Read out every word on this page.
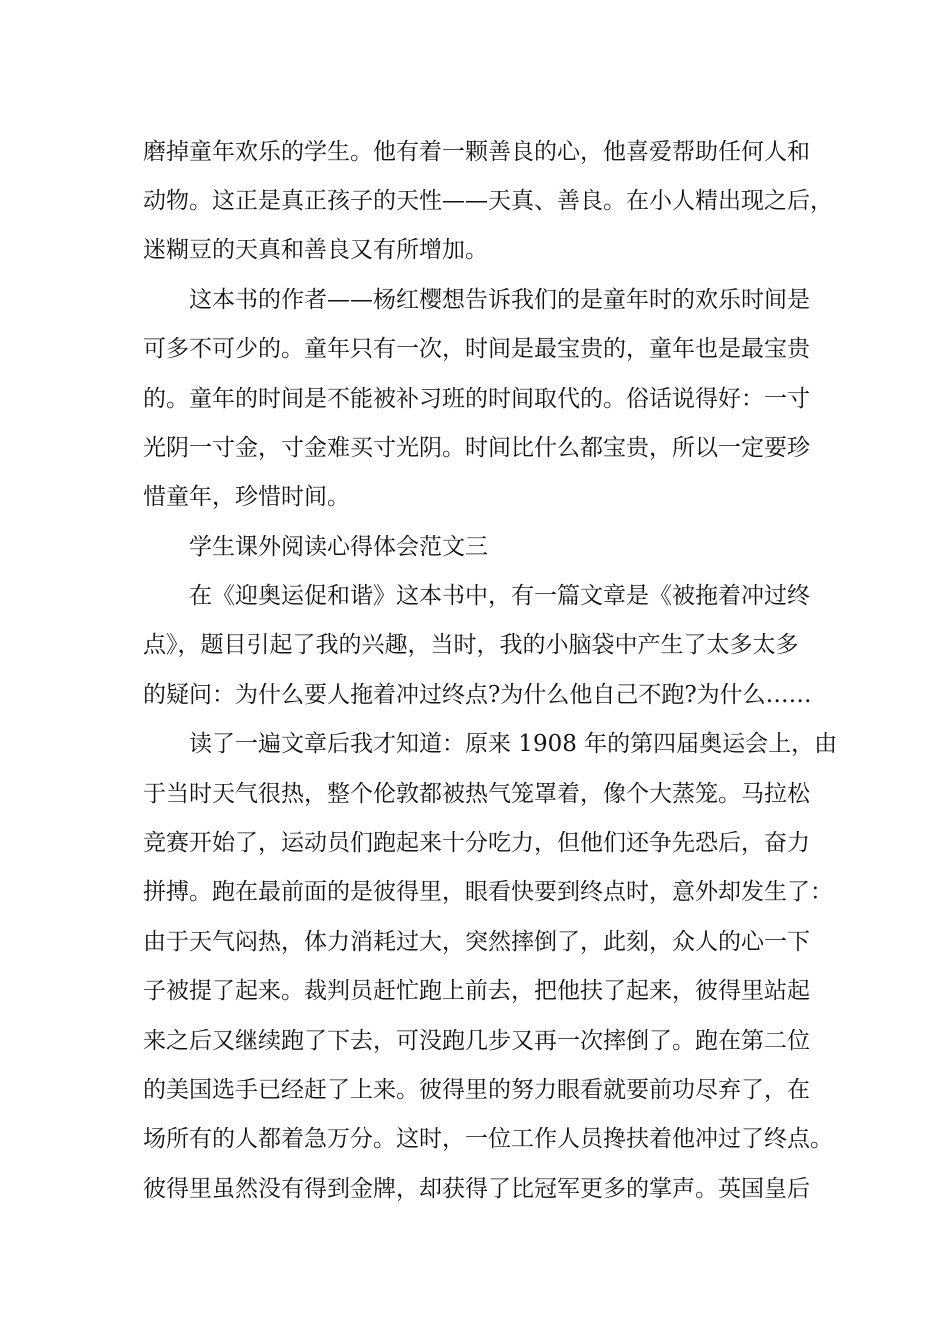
磨掉童年欢乐的学生。他有着一颗善良的心，他喜爱帮助任何人和
动物。这正是真正孩子的天性——天真、善良。在小人精出现之后，
迷糊豆的天真和善良又有所增加。
这本书的作者——杨红樱想告诉我们的是童年时的欢乐时间是
可多不可少的。童年只有一次，时间是最宝贵的，童年也是最宝贵
的。童年的时间是不能被补习班的时间取代的。俗话说得好：一寸
光阴一寸金，寸金难买寸光阴。时间比什么都宝贵，所以一定要珍
惜童年，珍惜时间。
学生课外阅读心得体会范文三
在《迎奥运促和谐》这本书中，有一篇文章是《被拖着冲过终
点》，题目引起了我的兴趣，当时，我的小脑袋中产生了太多太多
的疑问：为什么要人拖着冲过终点?为什么他自己不跑?为什么……
读了一遍文章后我才知道：原来 1908 年的第四届奥运会上，由
于当时天气很热，整个伦敦都被热气笼罩着，像个大蒸笼。马拉松
竞赛开始了，运动员们跑起来十分吃力，但他们还争先恐后，奋力
拼搏。跑在最前面的是彼得里，眼看快要到终点时，意外却发生了：
由于天气闷热，体力消耗过大，突然摔倒了，此刻，众人的心一下
子被提了起来。裁判员赶忙跑上前去，把他扶了起来，彼得里站起
来之后又继续跑了下去，可没跑几步又再一次摔倒了。跑在第二位
的美国选手已经赶了上来。彼得里的努力眼看就要前功尽弃了，在
场所有的人都着急万分。这时，一位工作人员搀扶着他冲过了终点。
彼得里虽然没有得到金牌，却获得了比冠军更多的掌声。英国皇后
